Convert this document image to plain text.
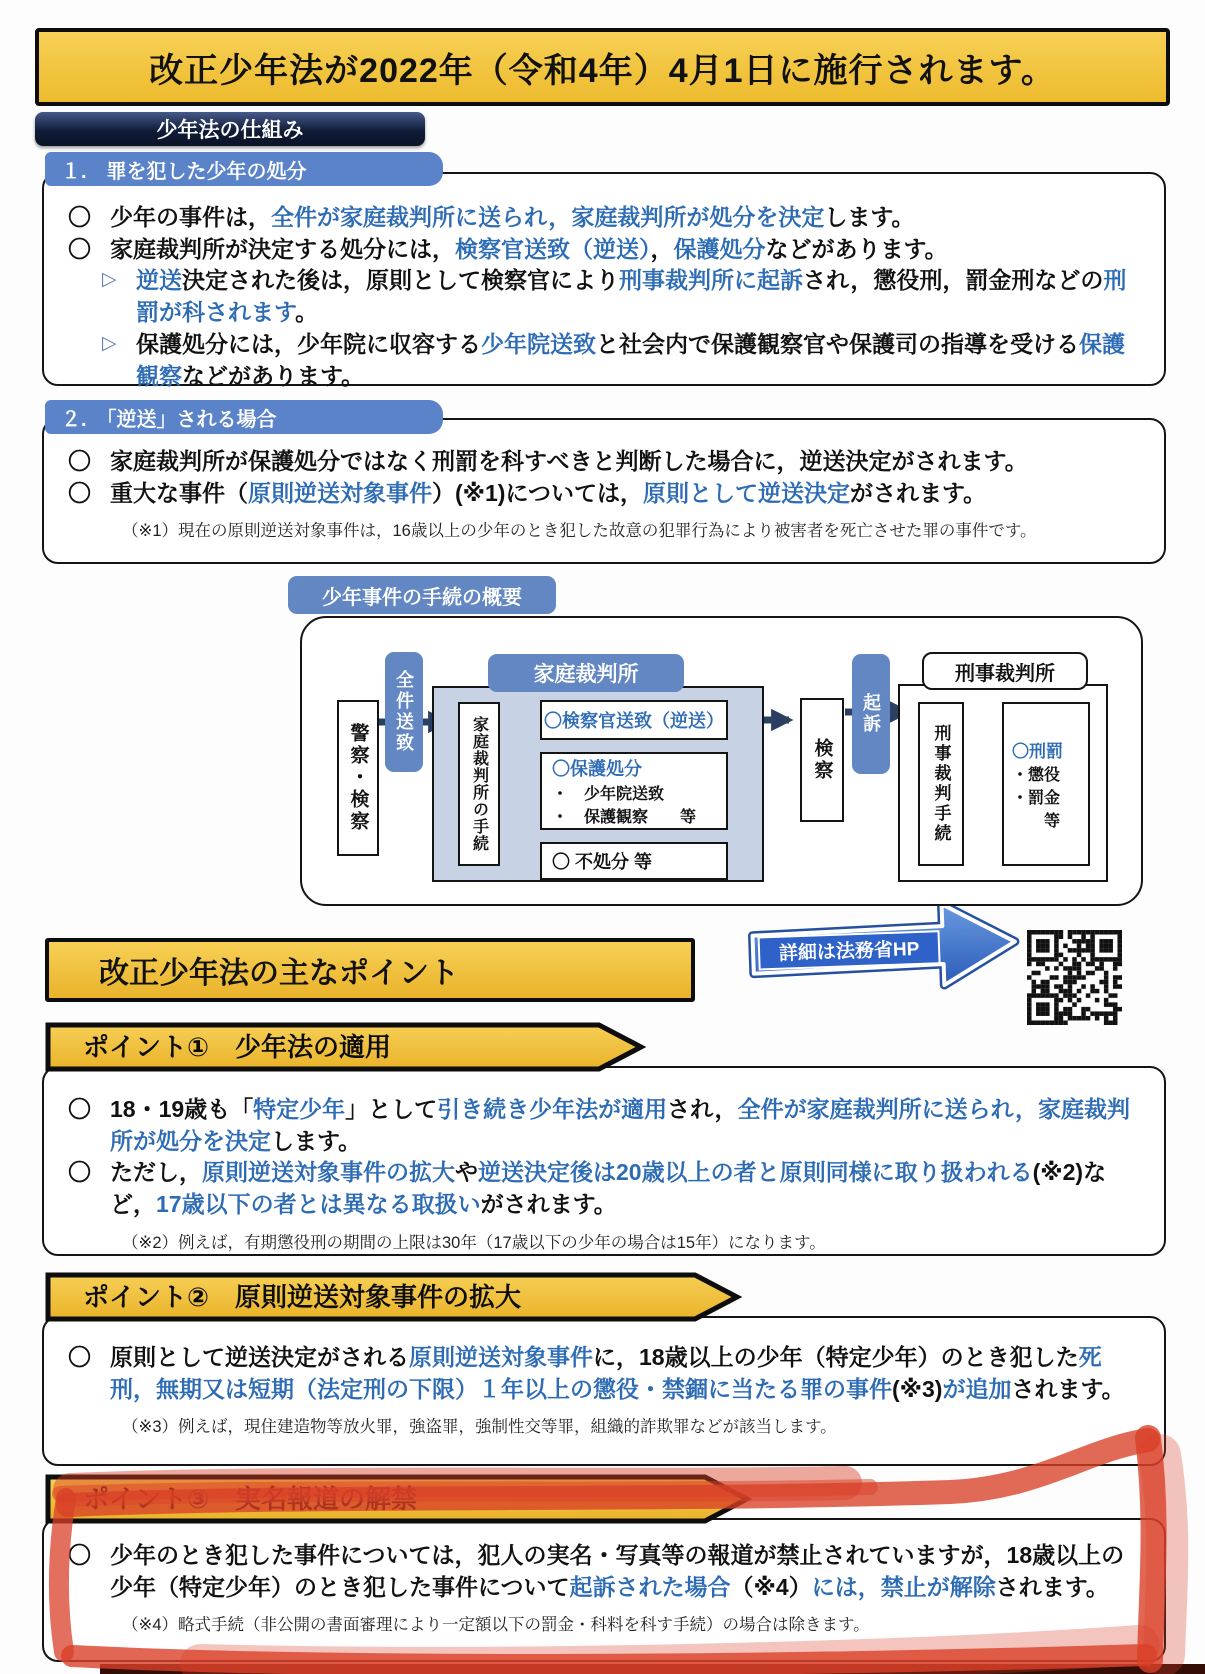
改正少年法が2022年（令和4年）4月1日に施行されます。
少年法の仕組み
１.　罪を犯した少年の処分
〇 少年の事件は，全件が家庭裁判所に送られ，家庭裁判所が処分を決定します。
〇 家庭裁判所が決定する処分には，検察官送致（逆送），保護処分などがあります。
▷ 逆送決定された後は，原則として検察官により刑事裁判所に起訴され，懲役刑，罰金刑などの刑罰が科されます。
▷ 保護処分には，少年院に収容する少年院送致と社会内で保護観察官や保護司の指導を受ける保護観察などがあります。
２.　「逆送」される場合
〇 家庭裁判所が保護処分ではなく刑罰を科すべきと判断した場合に，逆送決定がされます。
〇 重大な事件（原則逆送対象事件）(※1)については，原則として逆送決定がされます。
（※1）現在の原則逆送対象事件は，16歳以上の少年のとき犯した故意の犯罪行為により被害者を死亡させた罪の事件です。
少年事件の手続の概要
警察・検察
全件送致	家庭裁判所
家庭裁判所の手続	〇検察官送致（逆送）
〇保護処分
・　少年院送致
・　保護観察　　等
〇 不処分 等
検察
起訴
刑事裁判所
刑事裁判手続	〇刑罰
・懲役
・罰金
　　等
改正少年法の主なポイント
詳細は法務省HP
ポイント①　少年法の適用
〇 18・19歳も「特定少年」として引き続き少年法が適用され，全件が家庭裁判所に送られ，家庭裁判所が処分を決定します。
〇 ただし，原則逆送対象事件の拡大や逆送決定後は20歳以上の者と原則同様に取り扱われる(※2)など，17歳以下の者とは異なる取扱いがされます。
（※2）例えば，有期懲役刑の期間の上限は30年（17歳以下の少年の場合は15年）になります。
ポイント②　原則逆送対象事件の拡大
〇 原則として逆送決定がされる原則逆送対象事件に，18歳以上の少年（特定少年）のとき犯した死刑，無期又は短期（法定刑の下限）１年以上の懲役・禁錮に当たる罪の事件(※3)が追加されます。
（※3）例えば，現住建造物等放火罪，強盗罪，強制性交等罪，組織的詐欺罪などが該当します。
ポイント③　実名報道の解禁
〇 少年のとき犯した事件については，犯人の実名・写真等の報道が禁止されていますが，18歳以上の少年（特定少年）のとき犯した事件について起訴された場合（※4）には，禁止が解除されます。
（※4）略式手続（非公開の書面審理により一定額以下の罰金・科料を科す手続）の場合は除きます。
